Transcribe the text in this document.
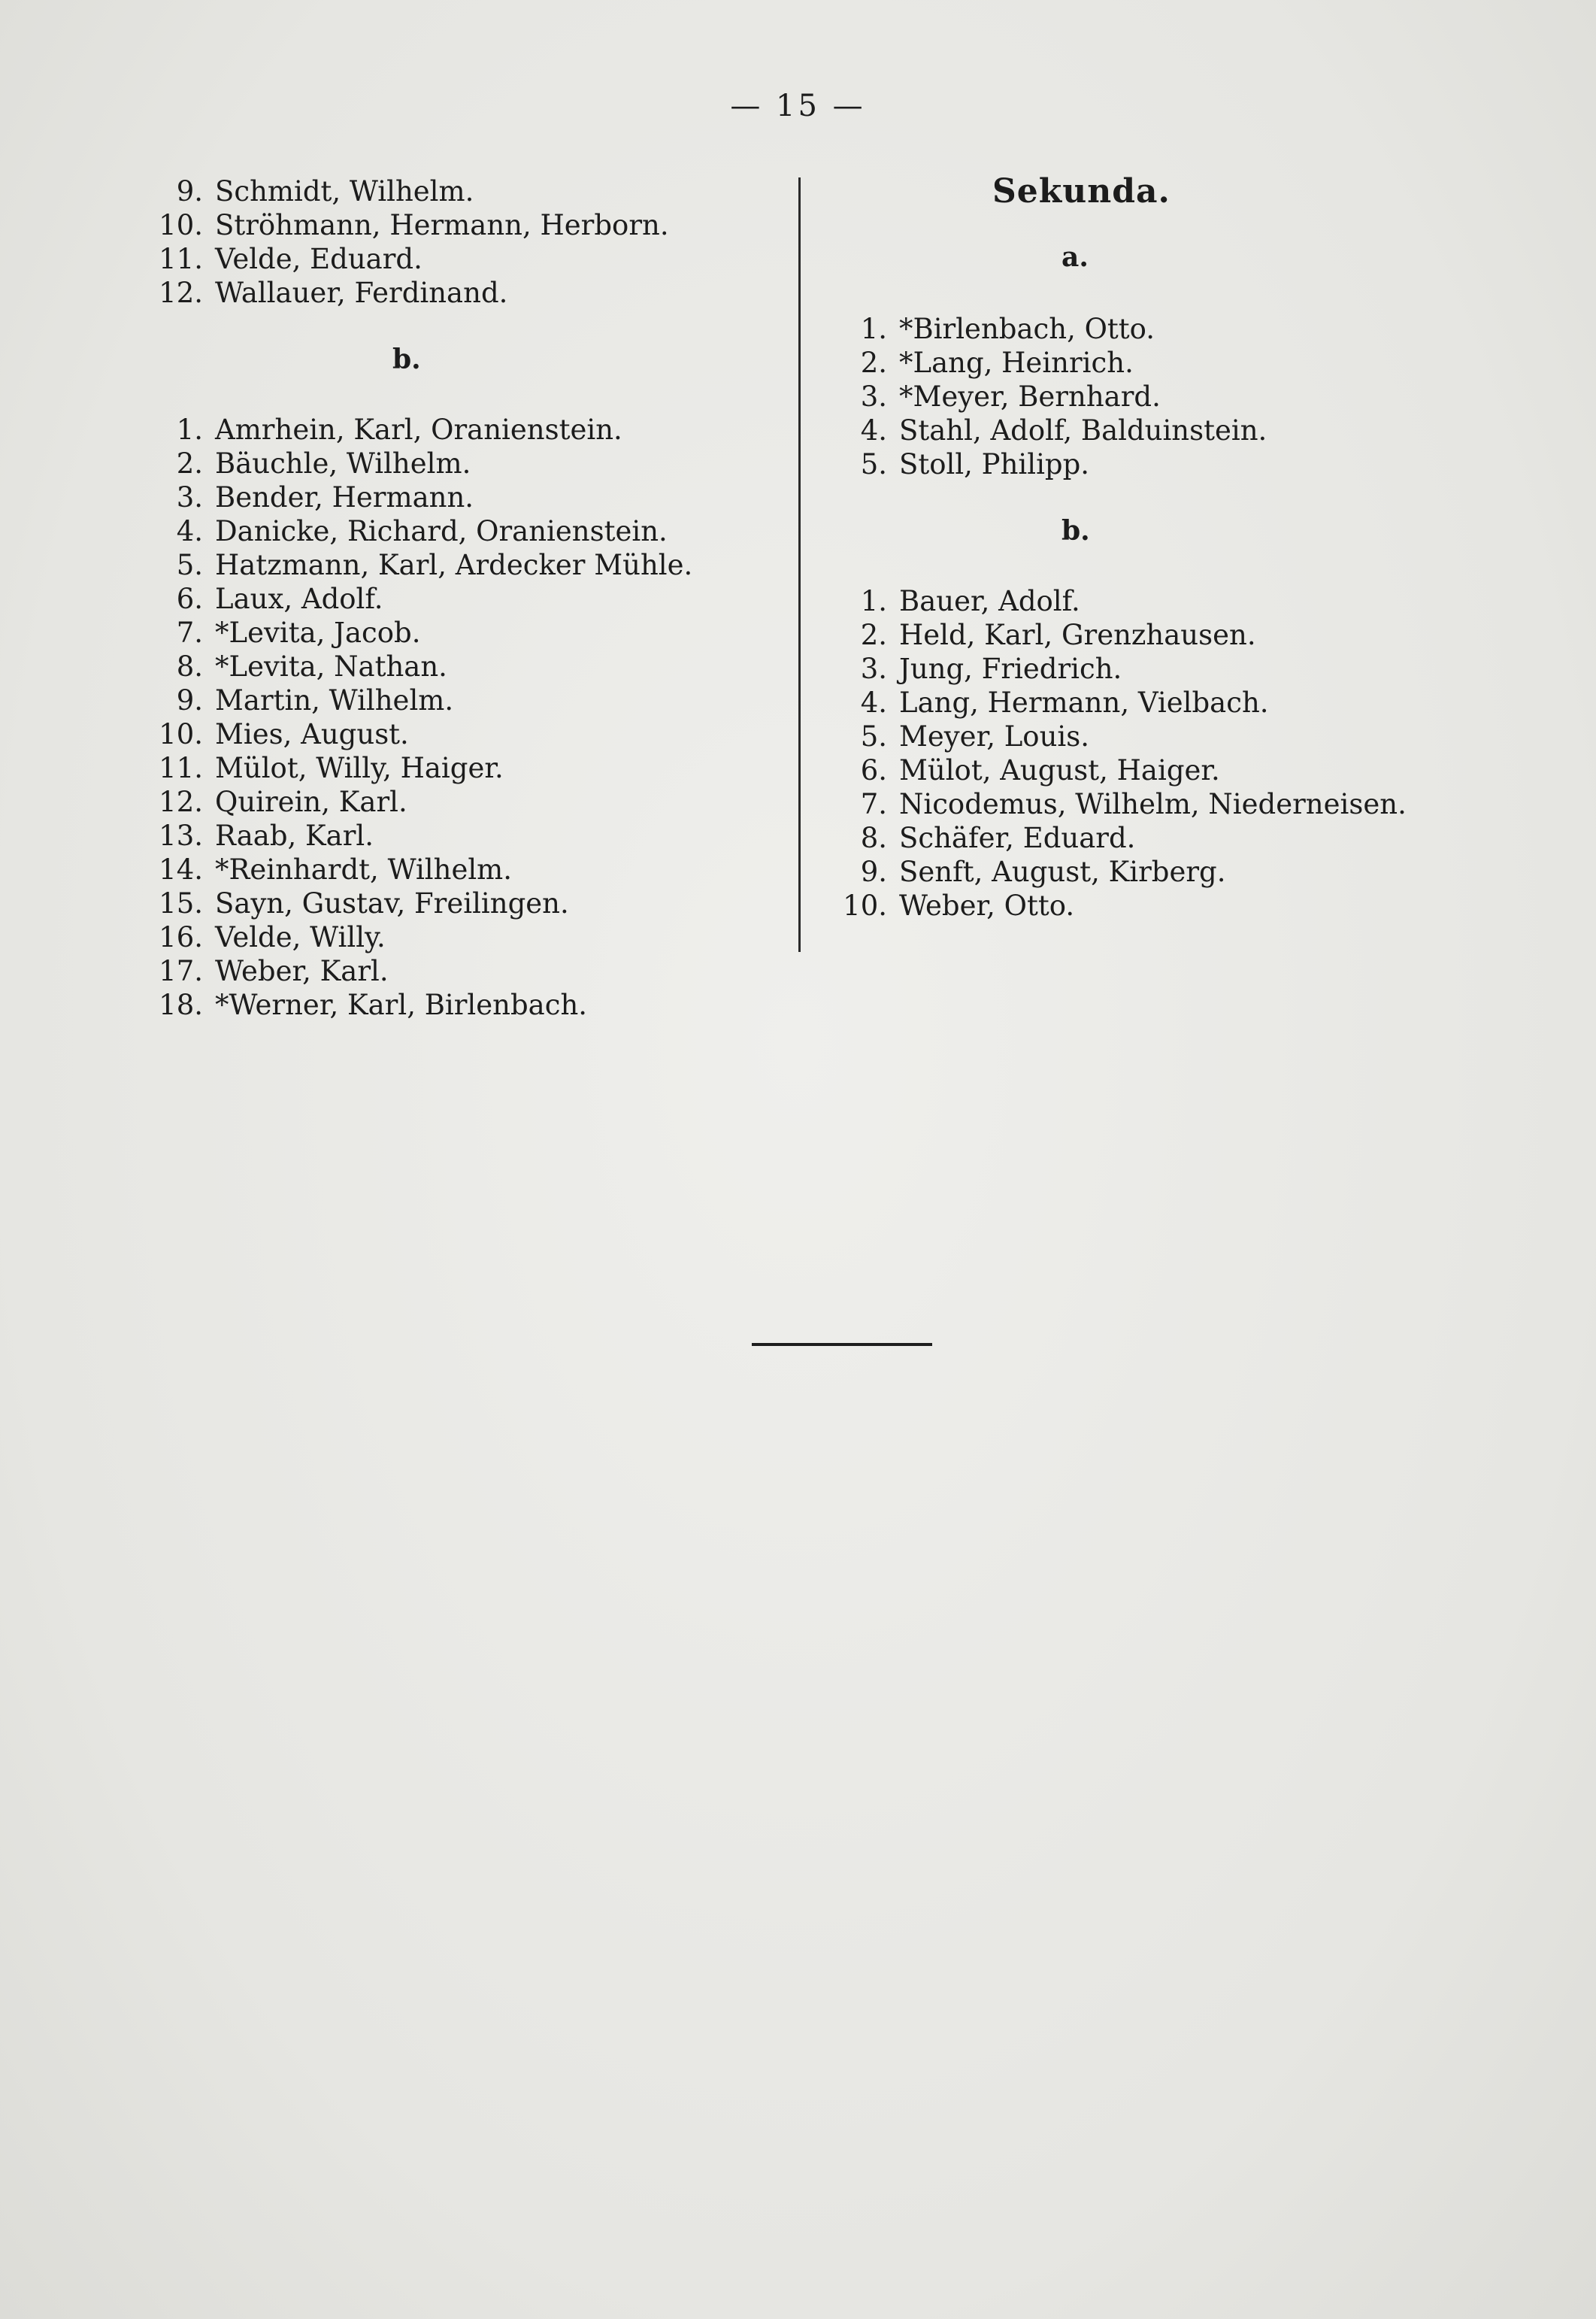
— 15 —
9. Schmidt, Wilhelm.
10. Ströhmann, Hermann, Herborn.
11. Velde, Eduard.
12. Wallauer, Ferdinand.
b.
1. Amrhein, Karl, Oranienstein.
2. Bäuchle, Wilhelm.
3. Bender, Hermann.
4. Danicke, Richard, Oranienstein.
5. Hatzmann, Karl, Ardecker Mühle.
6. Laux, Adolf.
7. *Levita, Jacob.
8. *Levita, Nathan.
9. Martin, Wilhelm.
10. Mies, August.
11. Mülot, Willy, Haiger.
12. Quirein, Karl.
13. Raab, Karl.
14. *Reinhardt, Wilhelm.
15. Sayn, Gustav, Freilingen.
16. Velde, Willy.
17. Weber, Karl.
18. *Werner, Karl, Birlenbach.
Sekunda.
a.
1. *Birlenbach, Otto.
2. *Lang, Heinrich.
3. *Meyer, Bernhard.
4. Stahl, Adolf, Balduinstein.
5. Stoll, Philipp.
b.
1. Bauer, Adolf.
2. Held, Karl, Grenzhausen.
3. Jung, Friedrich.
4. Lang, Hermann, Vielbach.
5. Meyer, Louis.
6. Mülot, August, Haiger.
7. Nicodemus, Wilhelm, Niederneisen.
8. Schäfer, Eduard.
9. Senft, August, Kirberg.
10. Weber, Otto.
